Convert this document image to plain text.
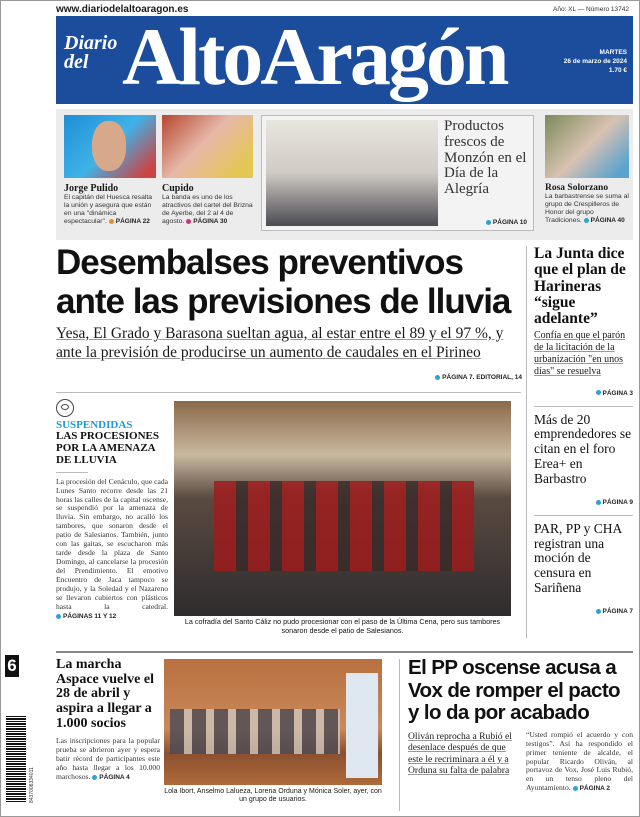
www.diariodelaltoaragon.es	Año: XL — Número 13742
Diario
del AltoAragón	MARTES
26 de marzo de 2024
1.70 €
Jorge Pulido
El capitán del Huesca resalta la unión y asegura que están en una "dinámica espectacular". PÁGINA 22
Cupido
La banda es uno de los atractivos del cartel del Brizna de Ayerbe, del 2 al 4 de agosto. PÁGINA 30
Productos frescos de Monzón en el Día de la Alegría
PÁGINA 10
Rosa Solorzano
La barbastrense se suma al grupo de Crespilleros de Honor del grupo Tradiciones. PÁGINA 40
Desembalses preventivos ante las previsiones de lluvia
Yesa, El Grado y Barasona sueltan agua, al estar entre el 89 y el 97 %, y ante la previsión de producirse un aumento de caudales en el Pirineo
PÁGINA 7. EDITORIAL, 14
SUSPENDIDAS
LAS PROCESIONES POR LA AMENAZA DE LLUVIA
La procesión del Cenáculo, que cada Lunes Santo recorre desde las 21 horas las calles de la capital oscense, se suspendió por la amenaza de lluvia. Sin embargo, no acalló los tambores, que sonaron desde el patio de Salesianos. También, junto con las gaitas, se escucharon más tarde desde la plaza de Santo Domingo, al cancelarse la procesión del Prendimiento. El emotivo Encuentro de Jaca tampoco se produjo, y la Soledad y el Nazareno se llevaron cubiertos con plásticos hasta la catedral. PÁGINAS 11 Y 12
La cofradía del Santo Cáliz no pudo procesionar con el paso de la Última Cena, pero sus tambores sonaron desde el patio de Salesianos.
La Junta dice que el plan de Harineras “sigue adelante”
Confía en que el parón de la licitación de la urbanización "en unos días" se resuelva
PÁGINA 3
Más de 20 emprendedores se citan en el foro Erea+ en Barbastro
PÁGINA 9
PAR, PP y CHA registran una moción de censura en Sariñena
PÁGINA 7
6
8437008334011
La marcha Aspace vuelve el 28 de abril y aspira a llegar a 1.000 socios
Las inscripciones para la popular prueba se abrieron ayer y espera batir récord de participantes este año hasta llegar a los 10.000 marchosos. PÁGINA 4
Lola Ibort, Anselmo Lalueza, Lorena Orduna y Mónica Soler, ayer, con un grupo de usuarios.
El PP oscense acusa a Vox de romper el pacto y lo da por acabado
Oliván reprocha a Rubió el desenlace después de que este le recriminara a él y a Orduna su falta de palabra
“Usted rompió el acuerdo y con testigos”. Así ha respondido el primer teniente de alcalde, el popular Ricardo Oliván, al portavoz de Vox, José Luis Rubió, en un tenso pleno del Ayuntamiento. PÁGINA 2
